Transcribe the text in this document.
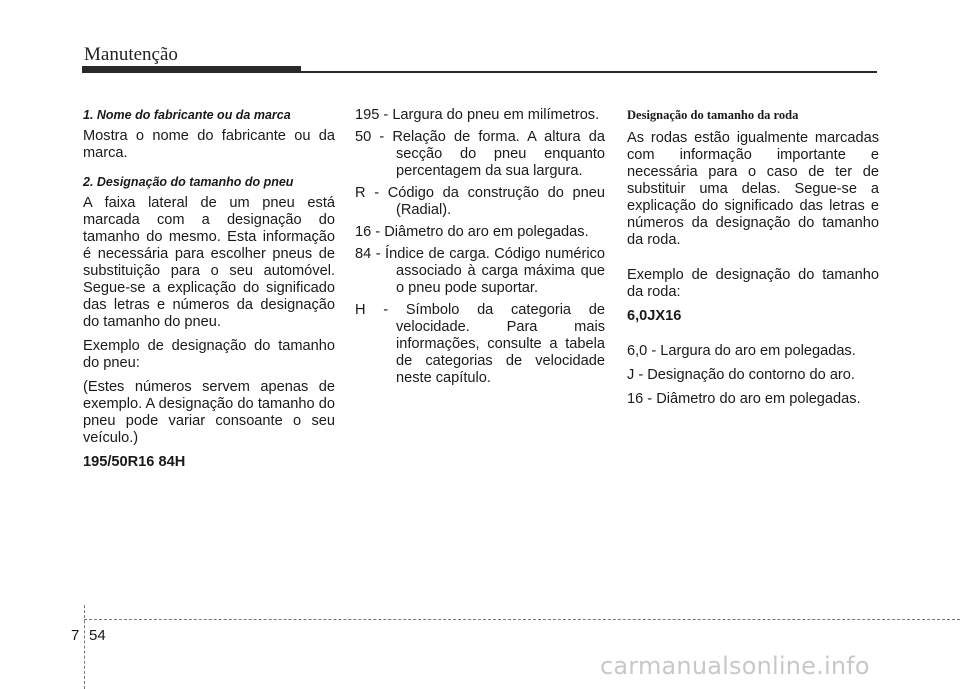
Manutenção

1. Nome do fabricante ou da marca

Mostra o nome do fabricante ou da marca.

2. Designação do tamanho do pneu

A faixa lateral de um pneu está marcada com a designação do tamanho do mesmo. Esta informação é necessária para escolher pneus de substituição para o seu automóvel. Segue-se a explicação do significado das letras e números da designação do tamanho do pneu.

Exemplo de designação do tamanho do pneu:

(Estes números servem apenas de exemplo. A designação do tamanho do pneu pode variar consoante o seu veículo.)

195/50R16 84H

195 - Largura do pneu em milímetros.

50 - Relação de forma. A altura da secção do pneu enquanto percentagem da sua largura.

R - Código da construção do pneu (Radial).

16 - Diâmetro do aro em polegadas.

84 - Índice de carga. Código numérico associado à carga máxima que o pneu pode suportar.

H - Símbolo da categoria de velocidade. Para mais informações, consulte a tabela de categorias de velocidade neste capítulo.

Designação do tamanho da roda

As rodas estão igualmente marcadas com informação importante e necessária para o caso de ter de substituir uma delas. Segue-se a explicação do significado das letras e números da designação do tamanho da roda.

Exemplo de designação do tamanho da roda:

6,0JX16

6,0 - Largura do aro em polegadas.

J - Designação do contorno do aro.

16 - Diâmetro do aro em polegadas.

7 54
carmanualsonline.info
